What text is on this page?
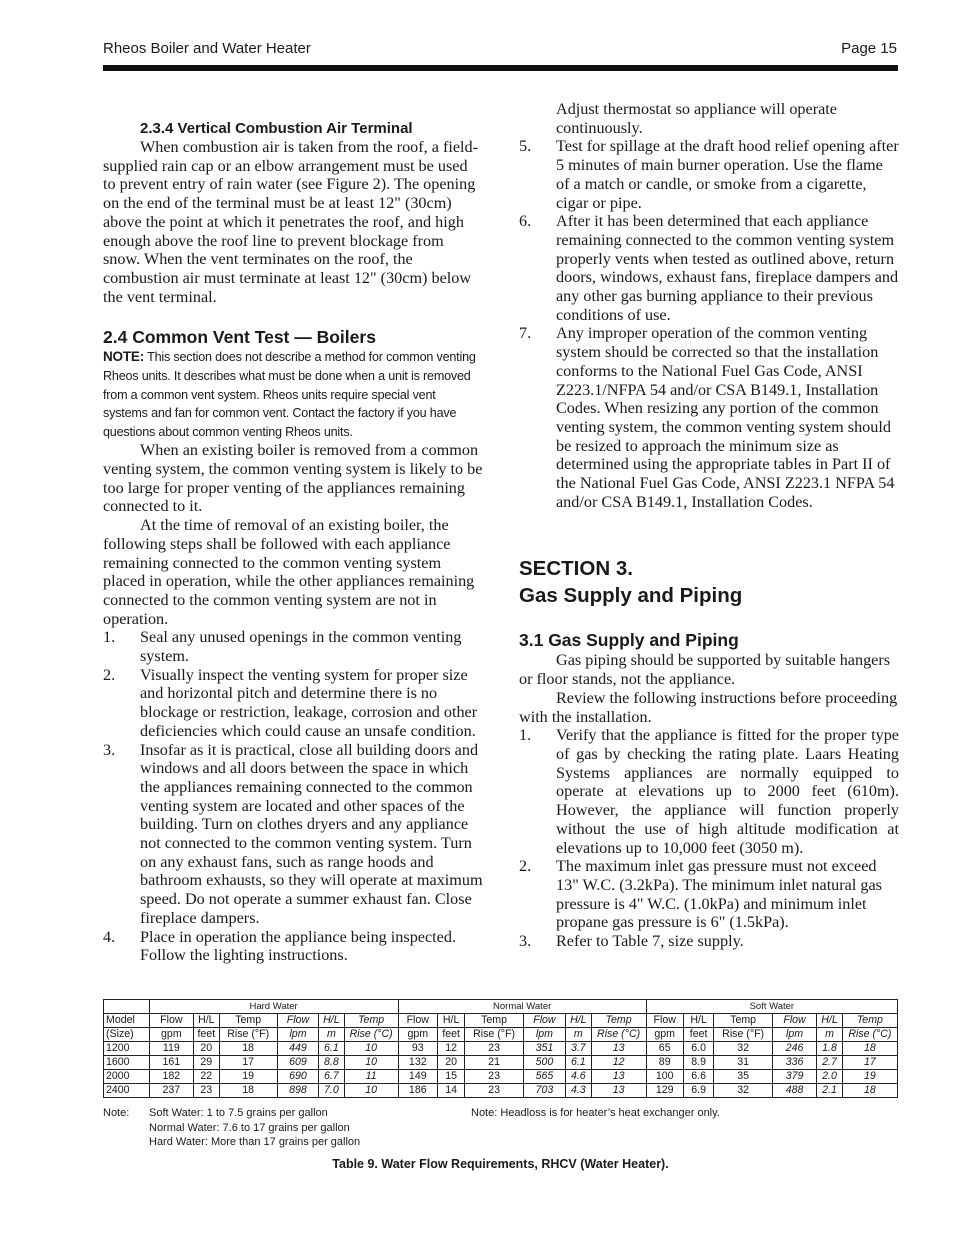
Rheos Boiler and Water Heater	Page 15
2.3.4 Vertical Combustion Air Terminal

When combustion air is taken from the roof, a field-supplied rain cap or an elbow arrangement must be used to prevent entry of rain water (see Figure 2). The opening on the end of the terminal must be at least 12" (30cm) above the point at which it penetrates the roof, and high enough above the roof line to prevent blockage from snow. When the vent terminates on the roof, the combustion air must terminate at least 12" (30cm) below the vent terminal.

2.4 Common Vent Test — Boilers

NOTE: This section does not describe a method for common venting Rheos units. It describes what must be done when a unit is removed from a common vent system. Rheos units require special vent systems and fan for common vent. Contact the factory if you have questions about common venting Rheos units.

When an existing boiler is removed from a common venting system, the common venting system is likely to be too large for proper venting of the appliances remaining connected to it.

At the time of removal of an existing boiler, the following steps shall be followed with each appliance remaining connected to the common venting system placed in operation, while the other appliances remaining connected to the common venting system are not in operation.

1. Seal any unused openings in the common venting system.
2. Visually inspect the venting system for proper size and horizontal pitch and determine there is no blockage or restriction, leakage, corrosion and other deficiencies which could cause an unsafe condition.
3. Insofar as it is practical, close all building doors and windows and all doors between the space in which the appliances remaining connected to the common venting system are located and other spaces of the building. Turn on clothes dryers and any appliance not connected to the common venting system. Turn on any exhaust fans, such as range hoods and bathroom exhausts, so they will operate at maximum speed. Do not operate a summer exhaust fan. Close fireplace dampers.
4. Place in operation the appliance being inspected. Follow the lighting instructions.

Adjust thermostat so appliance will operate continuously.

5. Test for spillage at the draft hood relief opening after 5 minutes of main burner operation. Use the flame of a match or candle, or smoke from a cigarette, cigar or pipe.
6. After it has been determined that each appliance remaining connected to the common venting system properly vents when tested as outlined above, return doors, windows, exhaust fans, fireplace dampers and any other gas burning appliance to their previous conditions of use.
7. Any improper operation of the common venting system should be corrected so that the installation conforms to the National Fuel Gas Code, ANSI Z223.1/NFPA 54 and/or CSA B149.1, Installation Codes. When resizing any portion of the common venting system, the common venting system should be resized to approach the minimum size as determined using the appropriate tables in Part II of the National Fuel Gas Code, ANSI Z223.1 NFPA 54 and/or CSA B149.1, Installation Codes.

SECTION 3.

Gas Supply and Piping

3.1 Gas Supply and Piping

Gas piping should be supported by suitable hangers or floor stands, not the appliance.

Review the following instructions before proceeding with the installation.

1. Verify that the appliance is fitted for the proper type of gas by checking the rating plate. Laars Heating Systems appliances are normally equipped to operate at elevations up to 2000 feet (610m). However, the appliance will function properly without the use of high altitude modification at elevations up to 10,000 feet (3050 m).
2. The maximum inlet gas pressure must not exceed 13" W.C. (3.2kPa). The minimum inlet natural gas pressure is 4" W.C. (1.0kPa) and minimum inlet propane gas pressure is 6" (1.5kPa).
3. Refer to Table 7, size supply.
	Hard Water						Normal Water						Soft Water					
Model	Flow	H/L	Temp	Flow	H/L	Temp	Flow	H/L	Temp	Flow	H/L	Temp	Flow	H/L	Temp	Flow	H/L	Temp
(Size)	gpm	feet	Rise (°F)	lpm	m	Rise (°C)	gpm	feet	Rise (°F)	lpm	m	Rise (°C)	gpm	feet	Rise (°F)	lpm	m	Rise (°C)
1200	119	20	18	449	6.1	10	93	12	23	351	3.7	13	65	6.0	32	246	1.8	18
1600	161	29	17	609	8.8	10	132	20	21	500	6.1	12	89	8.9	31	336	2.7	17
2000	182	22	19	690	6.7	11	149	15	23	565	4.6	13	100	6.6	35	379	2.0	19
2400	237	23	18	898	7.0	10	186	14	23	703	4.3	13	129	6.9	32	488	2.1	18
Note: Soft Water: 1 to 7.5 grains per gallon
Normal Water: 7.6 to 17 grains per gallon
Hard Water: More than 17 grains per gallon
Note: Headloss is for heater’s heat exchanger only.
Table 9. Water Flow Requirements, RHCV (Water Heater).
